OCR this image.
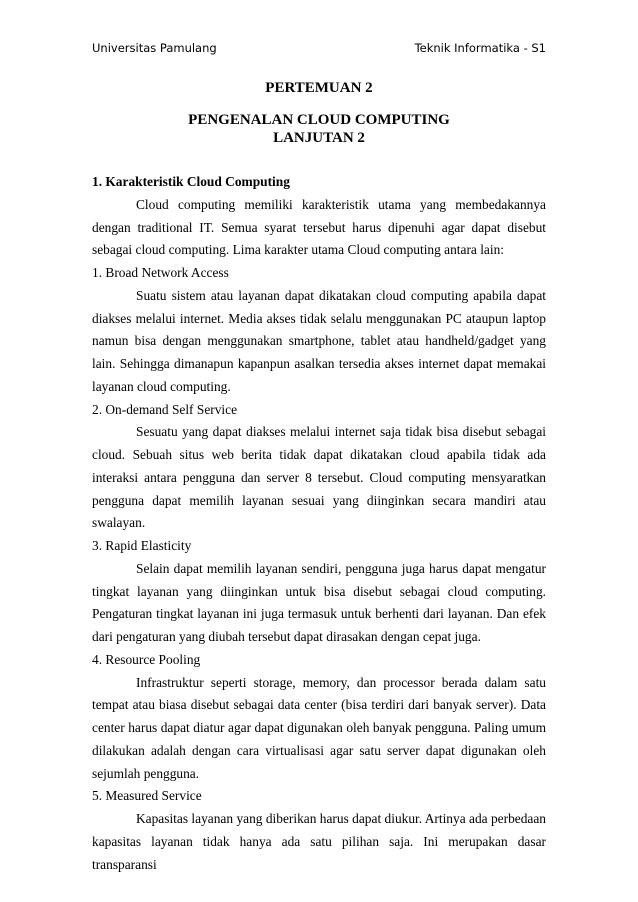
Universitas Pamulang	Teknik Informatika - S1
PERTEMUAN 2
PENGENALAN CLOUD COMPUTING
LANJUTAN 2

1. Karakteristik Cloud Computing

Cloud computing memiliki karakteristik utama yang membedakannya dengan traditional IT. Semua syarat tersebut harus dipenuhi agar dapat disebut sebagai cloud computing. Lima karakter utama Cloud computing antara lain:

1. Broad Network Access

Suatu sistem atau layanan dapat dikatakan cloud computing apabila dapat diakses melalui internet. Media akses tidak selalu menggunakan PC ataupun laptop namun bisa dengan menggunakan smartphone, tablet atau handheld/gadget yang lain. Sehingga dimanapun kapanpun asalkan tersedia akses internet dapat memakai layanan cloud computing.

2. On-demand Self Service

Sesuatu yang dapat diakses melalui internet saja tidak bisa disebut sebagai cloud. Sebuah situs web berita tidak dapat dikatakan cloud apabila tidak ada interaksi antara pengguna dan server 8 tersebut. Cloud computing mensyaratkan pengguna dapat memilih layanan sesuai yang diinginkan secara mandiri atau swalayan.

3. Rapid Elasticity

Selain dapat memilih layanan sendiri, pengguna juga harus dapat mengatur tingkat layanan yang diinginkan untuk bisa disebut sebagai cloud computing. Pengaturan tingkat layanan ini juga termasuk untuk berhenti dari layanan. Dan efek dari pengaturan yang diubah tersebut dapat dirasakan dengan cepat juga.

4. Resource Pooling

Infrastruktur seperti storage, memory, dan processor berada dalam satu tempat atau biasa disebut sebagai data center (bisa terdiri dari banyak server). Data center harus dapat diatur agar dapat digunakan oleh banyak pengguna. Paling umum dilakukan adalah dengan cara virtualisasi agar satu server dapat digunakan oleh sejumlah pengguna.

5. Measured Service

Kapasitas layanan yang diberikan harus dapat diukur. Artinya ada perbedaan kapasitas layanan tidak hanya ada satu pilihan saja. Ini merupakan dasar transparansi
